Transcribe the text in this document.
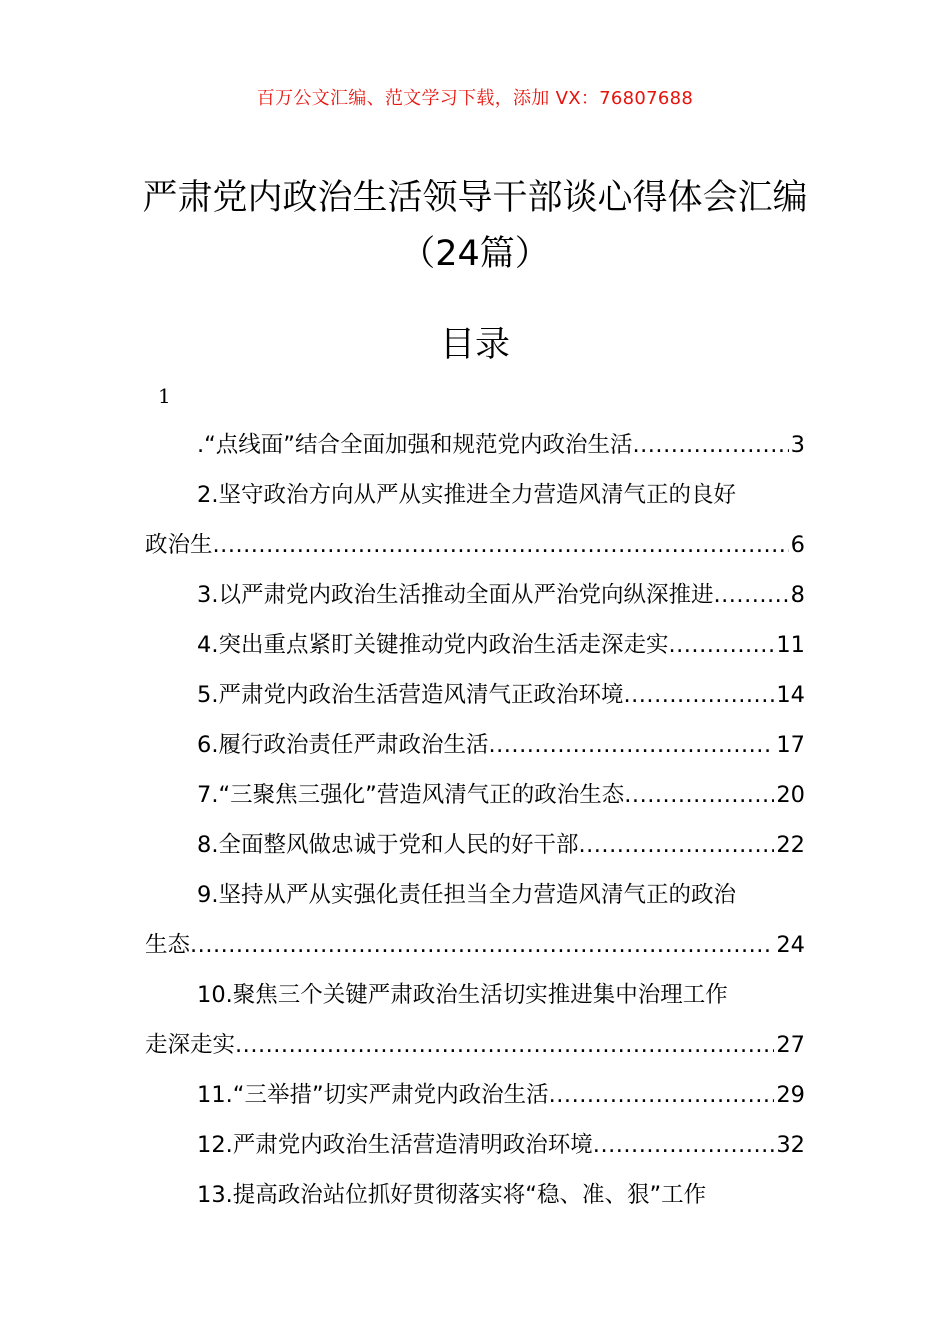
百万公文汇编、范文学习下载，添加 VX：76807688
严肃党内政治生活领导干部谈心得体会汇编（24篇）
目录
1
.“点线面”结合全面加强和规范党内政治生活 .....	3
2.坚守政治方向从严从实推进全力营造风清气正的良好
政治生 .....	6
3.以严肃党内政治生活推动全面从严治党向纵深推进 .....	8
4.突出重点紧盯关键推动党内政治生活走深走实 .....	11
5.严肃党内政治生活营造风清气正政治环境 .....	14
6.履行政治责任严肃政治生活 .....	17
7.“三聚焦三强化”营造风清气正的政治生态 .....	20
8.全面整风做忠诚于党和人民的好干部 .....	22
9.坚持从严从实强化责任担当全力营造风清气正的政治
生态 .....	24
10.聚焦三个关键严肃政治生活切实推进集中治理工作
走深走实 .....	27
11.“三举措”切实严肃党内政治生活 .....	29
12.严肃党内政治生活营造清明政治环境 .....	32
13.提高政治站位抓好贯彻落实将“稳、准、狠”工作
